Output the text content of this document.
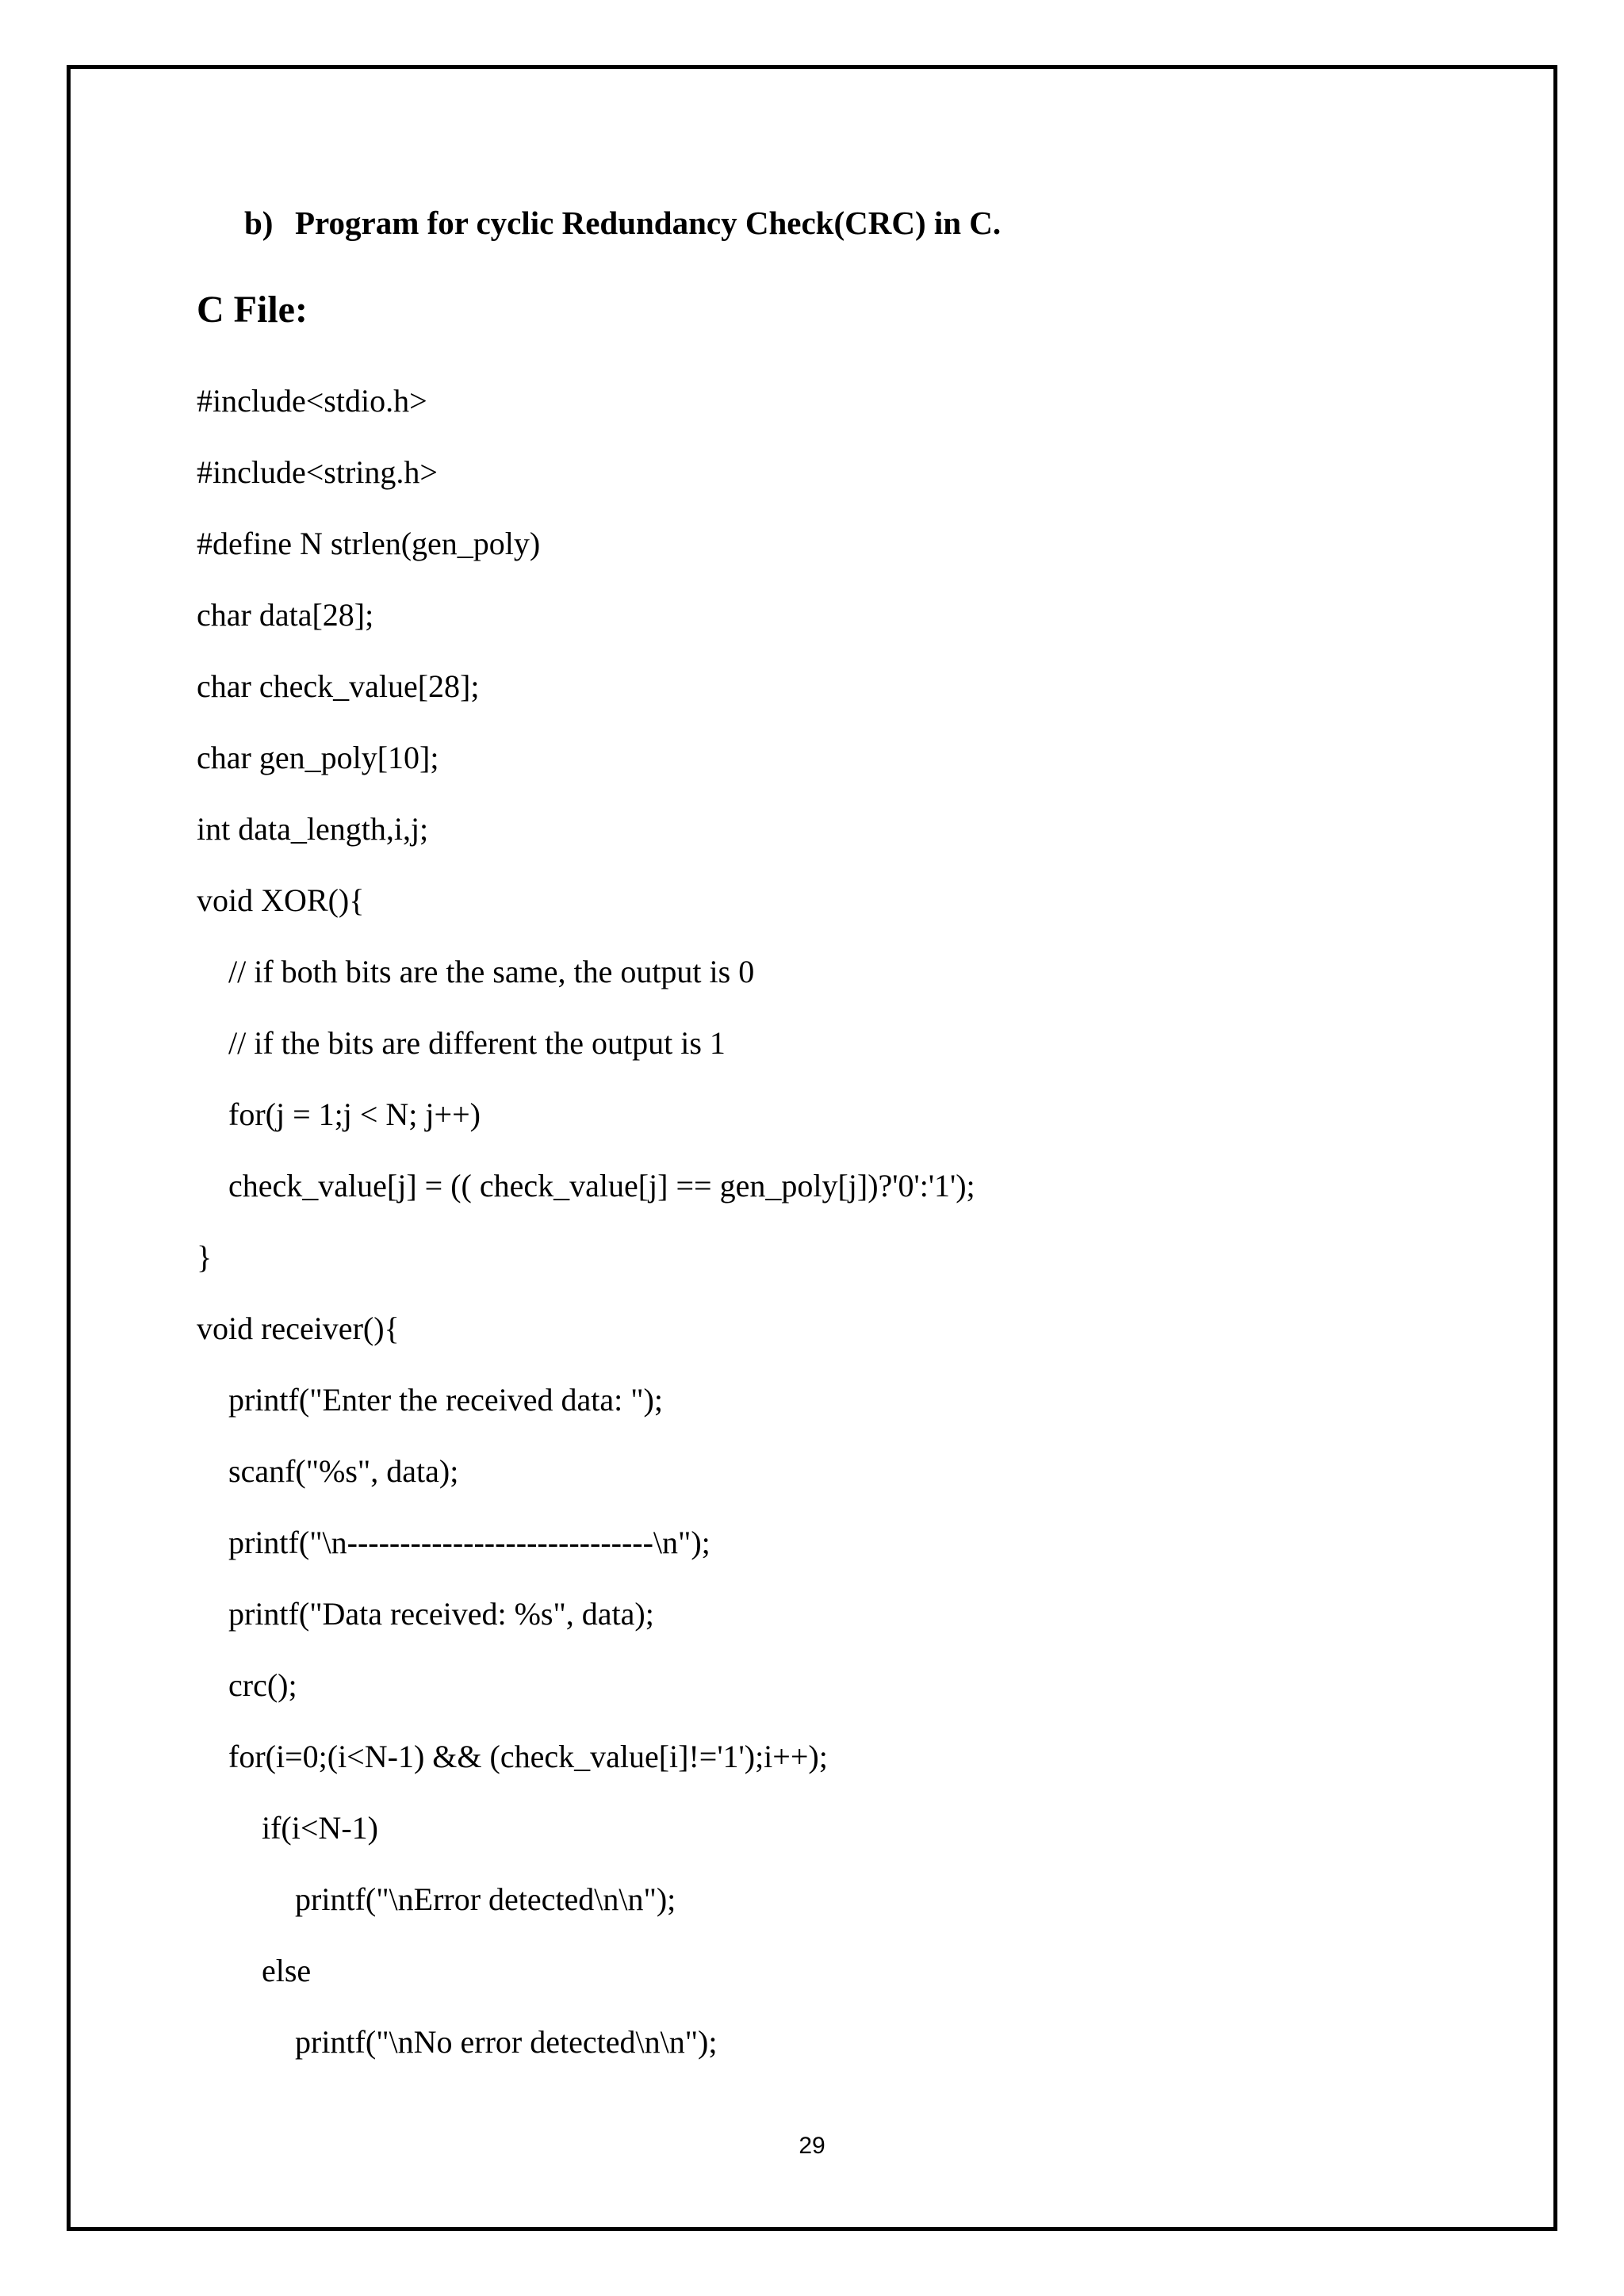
b) Program for cyclic Redundancy Check(CRC) in C.
C File:
#include<stdio.h>
#include<string.h>
#define N strlen(gen_poly)
char data[28];
char check_value[28];
char gen_poly[10];
int data_length,i,j;
void XOR(){
// if both bits are the same, the output is 0
// if the bits are different the output is 1
for(j = 1;j < N; j++)
check_value[j] = (( check_value[j] == gen_poly[j])?'0':'1');
}
void receiver(){
printf("Enter the received data: ");
scanf("%s", data);
printf("\n-----------------------------\n");
printf("Data received: %s", data);
crc();
for(i=0;(i<N-1) && (check_value[i]!='1');i++);
if(i<N-1)
printf("\nError detected\n\n");
else
printf("\nNo error detected\n\n");
29
